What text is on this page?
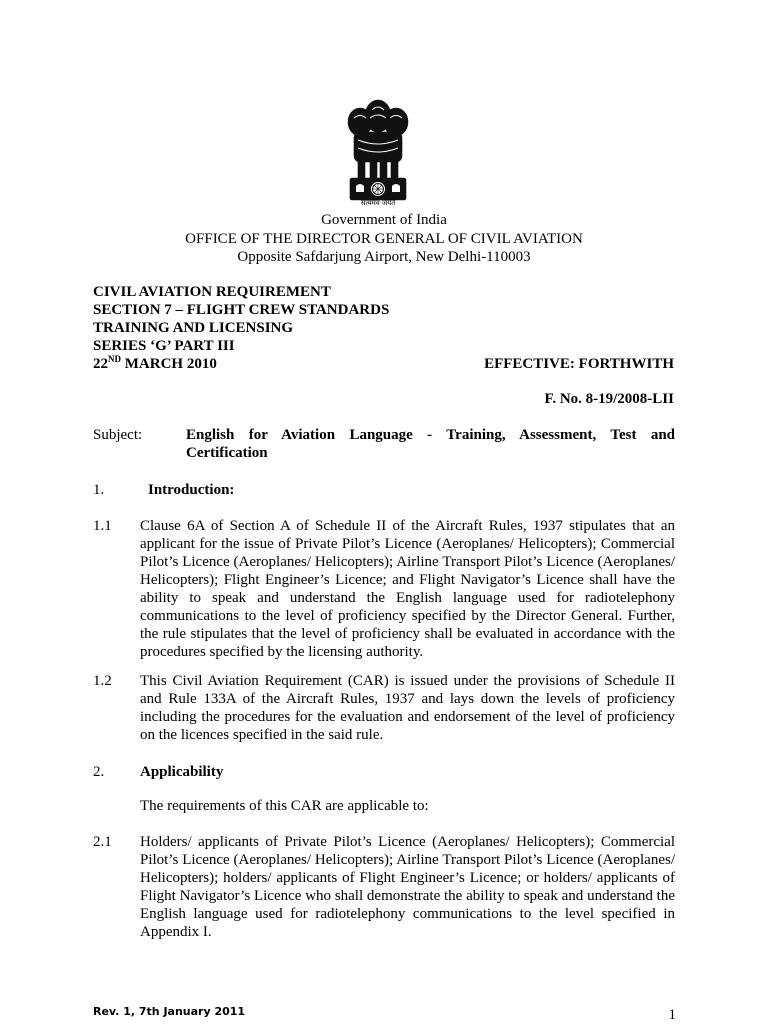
सत्यमेव जयते
Government of India
OFFICE OF THE DIRECTOR GENERAL OF CIVIL AVIATION
Opposite Safdarjung Airport, New Delhi-110003
CIVIL AVIATION REQUIREMENT
SECTION 7 – FLIGHT CREW STANDARDS
TRAINING AND LICENSING
SERIES ‘G’ PART III
22ND MARCH 2010	EFFECTIVE: FORTHWITH
F. No. 8-19/2008-LII
Subject:	English for Aviation Language - Training, Assessment, Test and Certification
1.	Introduction:
1.1 Clause 6A of Section A of Schedule II of the Aircraft Rules, 1937 stipulates that an applicant for the issue of Private Pilot’s Licence (Aeroplanes/ Helicopters); Commercial Pilot’s Licence (Aeroplanes/ Helicopters); Airline Transport Pilot’s Licence (Aeroplanes/ Helicopters); Flight Engineer’s Licence; and Flight Navigator’s Licence shall have the ability to speak and understand the English language used for radiotelephony communications to the level of proficiency specified by the Director General. Further, the rule stipulates that the level of proficiency shall be evaluated in accordance with the procedures specified by the licensing authority.
1.2 This Civil Aviation Requirement (CAR) is issued under the provisions of Schedule II and Rule 133A of the Aircraft Rules, 1937 and lays down the levels of proficiency including the procedures for the evaluation and endorsement of the level of proficiency on the licences specified in the said rule.
2. Applicability
The requirements of this CAR are applicable to:
2.1 Holders/ applicants of Private Pilot’s Licence (Aeroplanes/ Helicopters); Commercial Pilot’s Licence (Aeroplanes/ Helicopters); Airline Transport Pilot’s Licence (Aeroplanes/ Helicopters); holders/ applicants of Flight Engineer’s Licence; or holders/ applicants of Flight Navigator’s Licence who shall demonstrate the ability to speak and understand the English language used for radiotelephony communications to the level specified in Appendix I.
Rev. 1, 7th January 2011	1
